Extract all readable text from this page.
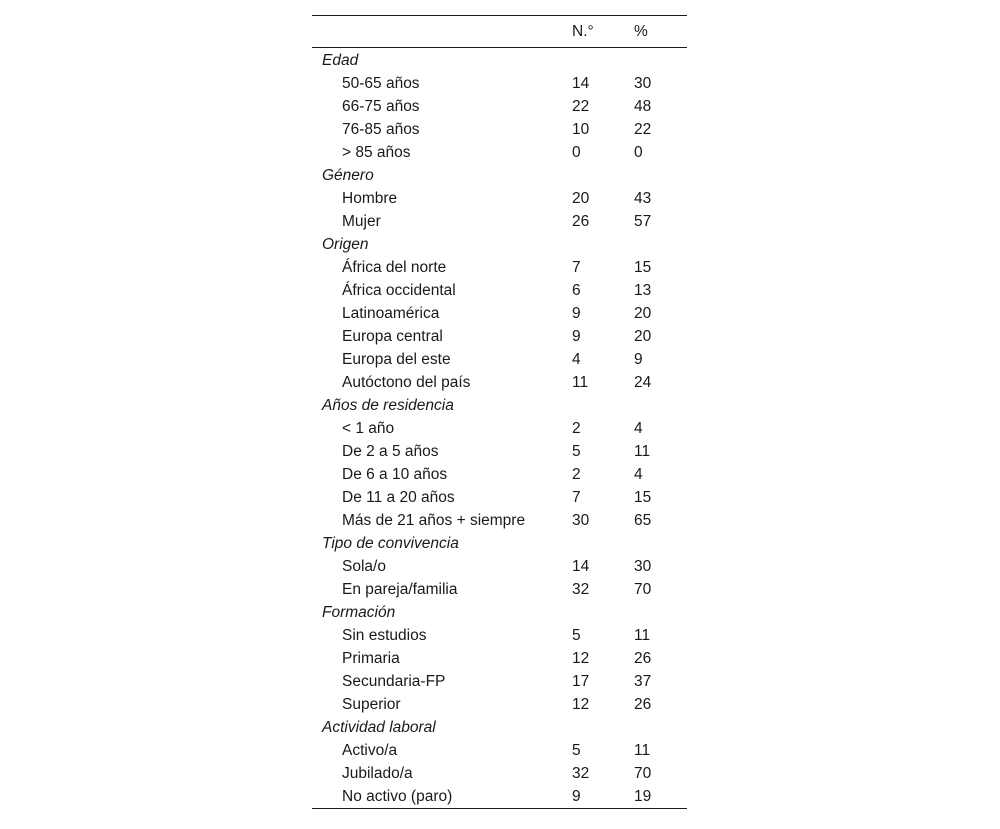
	N.°	%
Edad		
50-65 años	14	30
66-75 años	22	48
76-85 años	10	22
> 85 años	0	0
Género		
Hombre	20	43
Mujer	26	57
Origen		
África del norte	7	15
África occidental	6	13
Latinoamérica	9	20
Europa central	9	20
Europa del este	4	9
Autóctono del país	11	24
Años de residencia		
< 1 año	2	4
De 2 a 5 años	5	11
De 6 a 10 años	2	4
De 11 a 20 años	7	15
Más de 21 años + siempre	30	65
Tipo de convivencia		
Sola/o	14	30
En pareja/familia	32	70
Formación		
Sin estudios	5	11
Primaria	12	26
Secundaria-FP	17	37
Superior	12	26
Actividad laboral		
Activo/a	5	11
Jubilado/a	32	70
No activo (paro)	9	19
